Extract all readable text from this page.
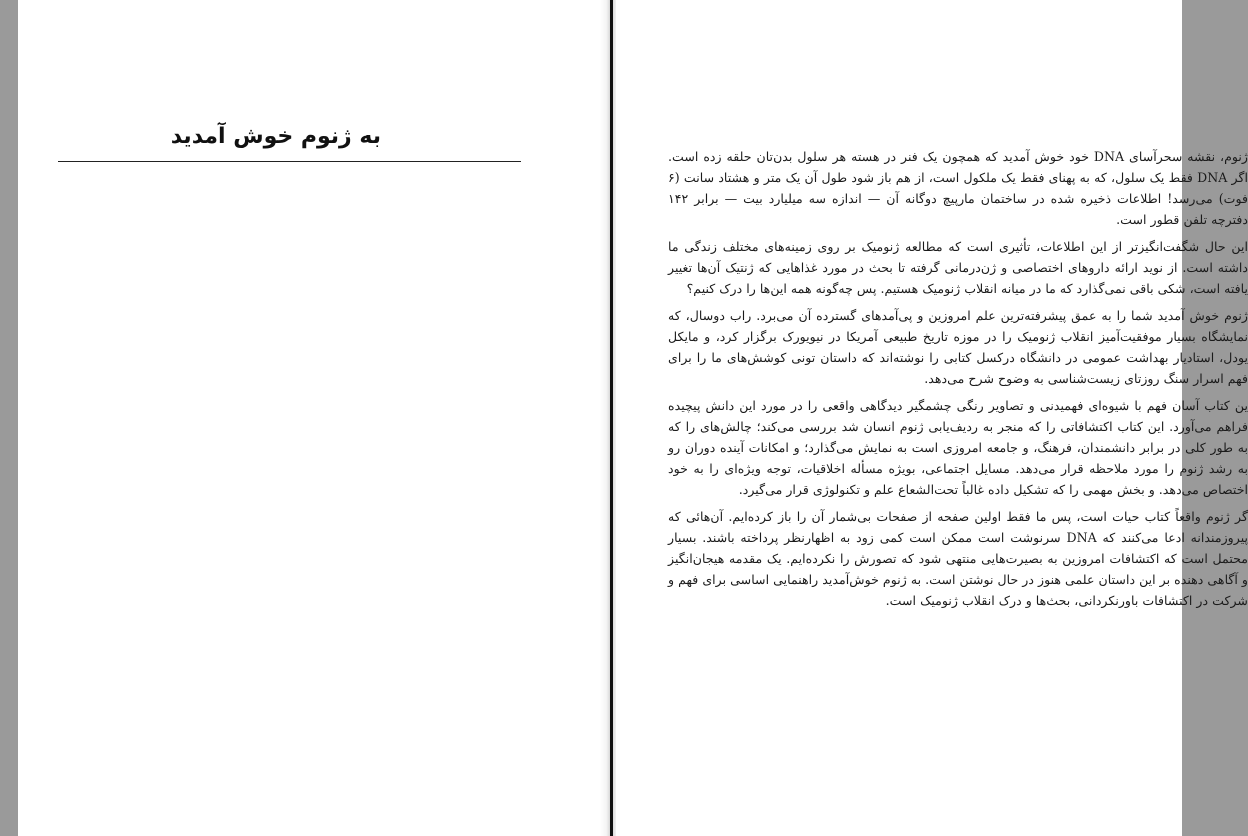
به ژنوم خوش آمدید

ژنوم، نقشه سحرآسای DNA خود خوش آمدید که همچون یک فنر در هسته هر سلول بدن‌تان حلقه زده است. اگر DNA فقط یک سلول، که به پهنای فقط یک ملکول است، از هم باز شود طول آن یک متر و هشتاد سانت (۶ فوت) می‌رسد! اطلاعات ذخیره شده در ساختمان مارپیچ دوگانه آن — اندازه سه میلیارد بیت — برابر ۱۴۲ دفترچه تلفن قطور است.

این حال شگفت‌انگیزتر از این اطلاعات، تأثیری است که مطالعه ژنومیک بر روی زمینه‌های مختلف زندگی ما داشته است. از نوید ارائه داروهای اختصاصی و ژن‌درمانی گرفته تا بحث در مورد غذاهایی که ژنتیک آن‌ها تغییر یافته است، شکی باقی نمی‌گذارد که ما در میانه انقلاب ژنومیک هستیم. پس چه‌گونه همه این‌ها را درک کنیم؟

ژنوم خوش آمدید شما را به عمق پیشرفته‌ترین علم امروزین و پی‌آمدهای گسترده آن می‌برد. راب دوسال، که نمایشگاه بسیار موفقیت‌آمیز انقلاب ژنومیک را در موزه تاریخ طبیعی آمریکا در نیویورک برگزار کرد، و مایکل یودل، استادیار بهداشت عمومی در دانشگاه درکسل کتابی را نوشته‌اند که داستان تونی کوشش‌های ما را برای فهم اسرار سنگ روزتای زیست‌شناسی به وضوح شرح می‌دهد.

ین کتاب آسان فهم با شیوه‌ای فهمیدنی و تصاویر رنگی چشمگیر دیدگاهی واقعی را در مورد این دانش پیچیده فراهم می‌آورد. این کتاب اکتشافاتی را که منجر به ردیف‌یابی ژنوم انسان شد بررسی می‌کند؛ چالش‌های را که به طور کلی در برابر دانشمندان، فرهنگ، و جامعه امروزی است به نمایش می‌گذارد؛ و امکانات آینده دوران رو به رشد ژنوم را مورد ملاحظه قرار می‌دهد. مسایل اجتماعی، بویژه مسأله اخلاقیات، توجه ویژه‌ای را به خود اختصاص می‌دهد. و بخش مهمی را که تشکیل داده غالباً تحت‌الشعاع علم و تکنولوژی قرار می‌گیرد.

گر ژنوم واقعاً کتاب حیات است، پس ما فقط اولین صفحه از صفحات بی‌شمار آن را باز کرده‌ایم. آن‌هائی که پیروزمندانه ادعا می‌کنند که DNA سرنوشت است ممکن است کمی زود به اظهارنظر پرداخته باشند. بسیار محتمل است که اکتشافات امروزین به بصیرت‌هایی منتهی شود که تصورش را نکرده‌ایم. یک مقدمه هیجان‌انگیز و آگاهی دهنده بر این داستان علمی هنوز در حال نوشتن است. به ژنوم خوش‌آمدید راهنمایی اساسی برای فهم و شرکت در اکتشافات باورنکردانی، بحث‌ها و درک انقلاب ژنومیک است.
